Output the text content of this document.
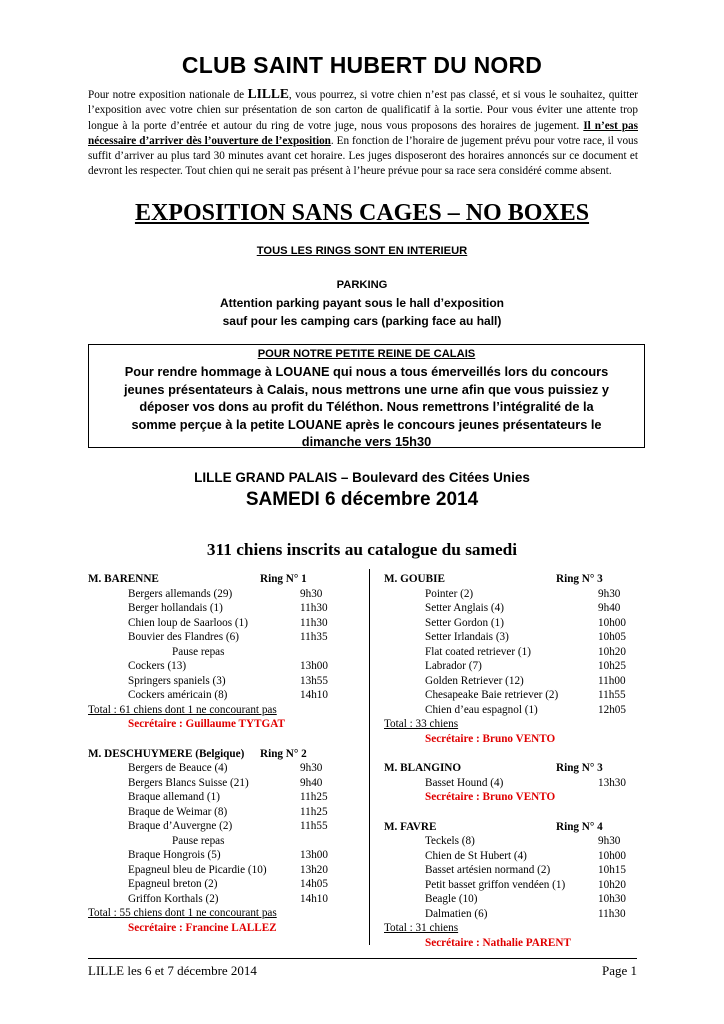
CLUB SAINT HUBERT DU NORD
Pour notre exposition nationale de LILLE, vous pourrez, si votre chien n’est pas classé, et si vous le souhaitez, quitter l’exposition avec votre chien sur présentation de son carton de qualificatif à la sortie. Pour vous éviter une attente trop longue à la porte d’entrée et autour du ring de votre juge, nous vous proposons des horaires de jugement. Il n’est pas nécessaire d’arriver dès l’ouverture de l’exposition. En fonction de l’horaire de jugement prévu pour votre race, il vous suffit d’arriver au plus tard 30 minutes avant cet horaire. Les juges disposeront des horaires annoncés sur ce document et devront les respecter. Tout chien qui ne serait pas présent à l’heure prévue pour sa race sera considéré comme absent.
EXPOSITION SANS CAGES – NO BOXES
TOUS LES RINGS SONT EN INTERIEUR
PARKING
Attention parking payant sous le hall d’exposition
sauf pour les camping cars (parking face au hall)
POUR NOTRE PETITE REINE DE CALAIS
Pour rendre hommage à LOUANE qui nous a tous émerveillés lors du concours
jeunes présentateurs à Calais, nous mettrons une urne afin que vous puissiez y
déposer vos dons au profit du Téléthon. Nous remettrons l’intégralité de la
somme perçue à la petite LOUANE après le concours jeunes présentateurs le
dimanche vers 15h30
LILLE GRAND PALAIS – Boulevard des Citées Unies
SAMEDI 6 décembre 2014
311 chiens inscrits au catalogue du samedi
M. BARENNE	Ring N° 1
Bergers allemands (29)	9h30
Berger hollandais (1)	11h30
Chien loup de Saarloos (1)	11h30
Bouvier des Flandres (6)	11h35
Pause repas
Cockers (13)	13h00
Springers spaniels (3)	13h55
Cockers américain (8)	14h10
Total : 61 chiens dont 1 ne concourant pas
Secrétaire : Guillaume TYTGAT
M. DESCHUYMERE (Belgique) Ring N° 2
Bergers de Beauce (4)	9h30
Bergers Blancs Suisse (21)	9h40
Braque allemand (1)	11h25
Braque de Weimar (8)	11h25
Braque d’Auvergne (2)	11h55
Pause repas
Braque Hongrois (5)	13h00
Epagneul bleu de Picardie (10)	13h20
Epagneul breton (2)	14h05
Griffon Korthals (2)	14h10
Total : 55 chiens dont 1 ne concourant pas
Secrétaire : Francine LALLEZ
M. GOUBIE	Ring N° 3
Pointer (2)	9h30
Setter Anglais (4)	9h40
Setter Gordon (1)	10h00
Setter Irlandais (3)	10h05
Flat coated retriever (1)	10h20
Labrador (7)	10h25
Golden Retriever (12)	11h00
Chesapeake Baie retriever (2)	11h55
Chien d’eau espagnol (1)	12h05
Total : 33 chiens
Secrétaire : Bruno VENTO
M. BLANGINO	Ring N° 3
Basset Hound (4)	13h30
Secrétaire : Bruno VENTO
M. FAVRE	Ring N° 4
Teckels (8)	9h30
Chien de St Hubert (4)	10h00
Basset artésien normand (2)	10h15
Petit basset griffon vendéen (1)	10h20
Beagle (10)	10h30
Dalmatien (6)	11h30
Total : 31 chiens
Secrétaire : Nathalie PARENT
LILLE les 6 et 7 décembre 2014	Page 1
